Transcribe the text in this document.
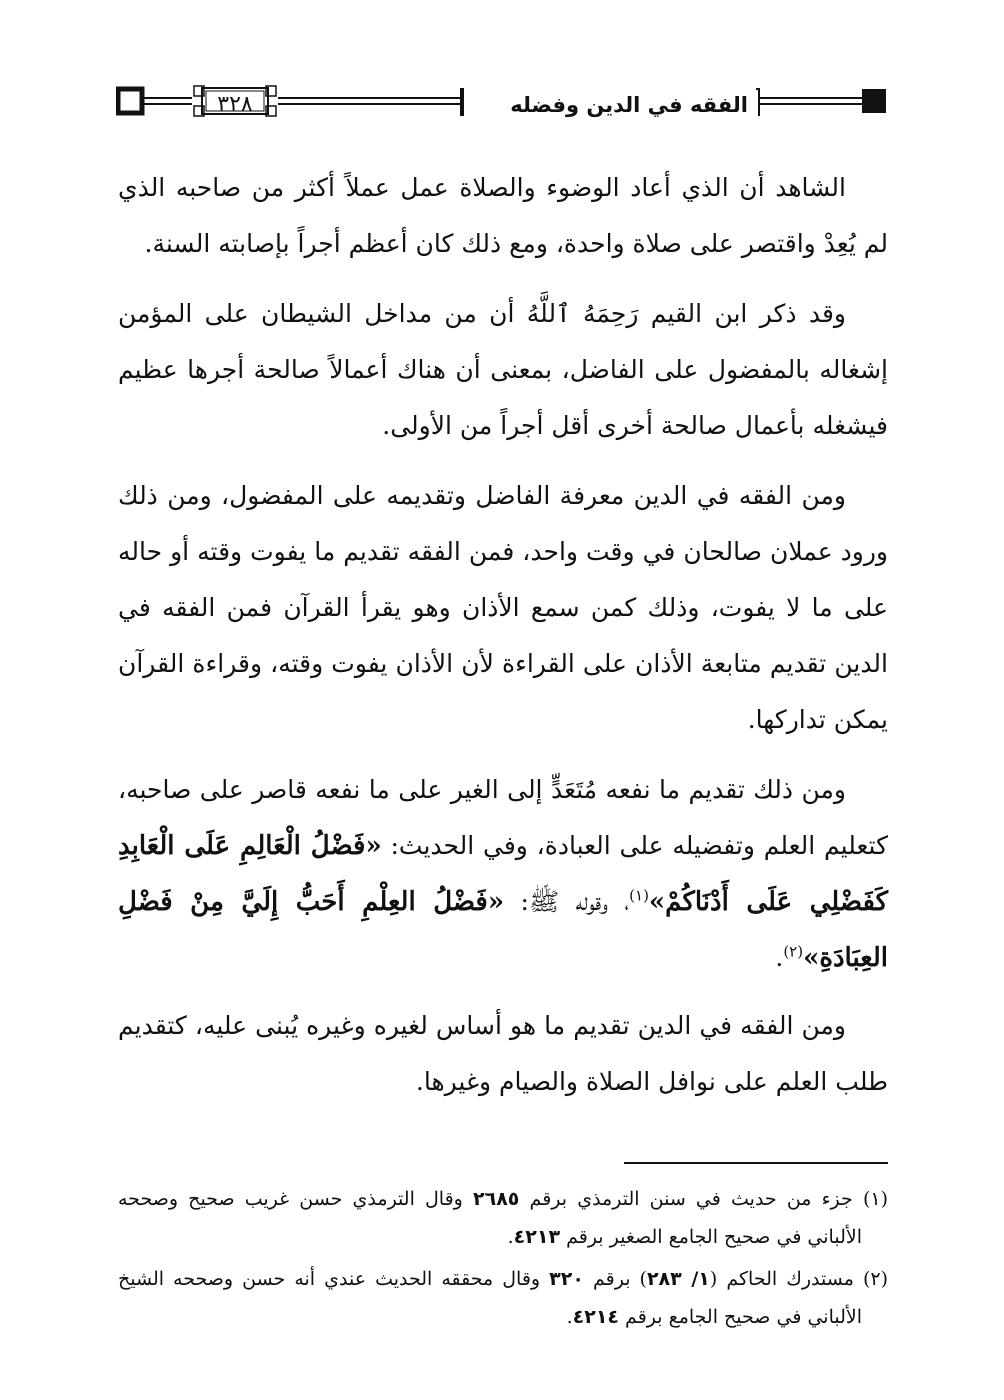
٣٢٨	الفقه في الدين وفضله

الشاهد أن الذي أعاد الوضوء والصلاة عمل عملاً أكثر من صاحبه الذي لم يُعِدْ واقتصر على صلاة واحدة، ومع ذلك كان أعظم أجراً بإصابته السنة.

وقد ذكر ابن القيم رَحِمَهُ ٱللَّهُ أن من مداخل الشيطان على المؤمن إشغاله بالمفضول على الفاضل، بمعنى أن هناك أعمالاً صالحة أجرها عظيم فيشغله بأعمال صالحة أخرى أقل أجراً من الأولى.

ومن الفقه في الدين معرفة الفاضل وتقديمه على المفضول، ومن ذلك ورود عملان صالحان في وقت واحد، فمن الفقه تقديم ما يفوت وقته أو حاله على ما لا يفوت، وذلك كمن سمع الأذان وهو يقرأ القرآن فمن الفقه في الدين تقديم متابعة الأذان على القراءة لأن الأذان يفوت وقته، وقراءة القرآن يمكن تداركها.

ومن ذلك تقديم ما نفعه مُتَعَدٍّ إلى الغير على ما نفعه قاصر على صاحبه، كتعليم العلم وتفضيله على العبادة، وفي الحديث: «فَضْلُ الْعَالِمِ عَلَى الْعَابِدِ كَفَضْلِي عَلَى أَدْنَاكُمْ»$^{(١)}$، وقوله ﷺ: «فَضْلُ العِلْمِ أَحَبُّ إِلَيَّ مِنْ فَضْلِ العِبَادَةِ»$^{(٢)}$.

ومن الفقه في الدين تقديم ما هو أساس لغيره وغيره يُبنى عليه، كتقديم طلب العلم على نوافل الصلاة والصيام وغيرها.

(١) جزء من حديث في سنن الترمذي برقم ٢٦٨٥ وقال الترمذي حسن غريب صحيح وصححه الألباني في صحيح الجامع الصغير برقم ٤٢١٣.

(٢) مستدرك الحاكم (١/ ٢٨٣) برقم ٣٢٠ وقال محققه الحديث عندي أنه حسن وصححه الشيخ الألباني في صحيح الجامع برقم ٤٢١٤.
